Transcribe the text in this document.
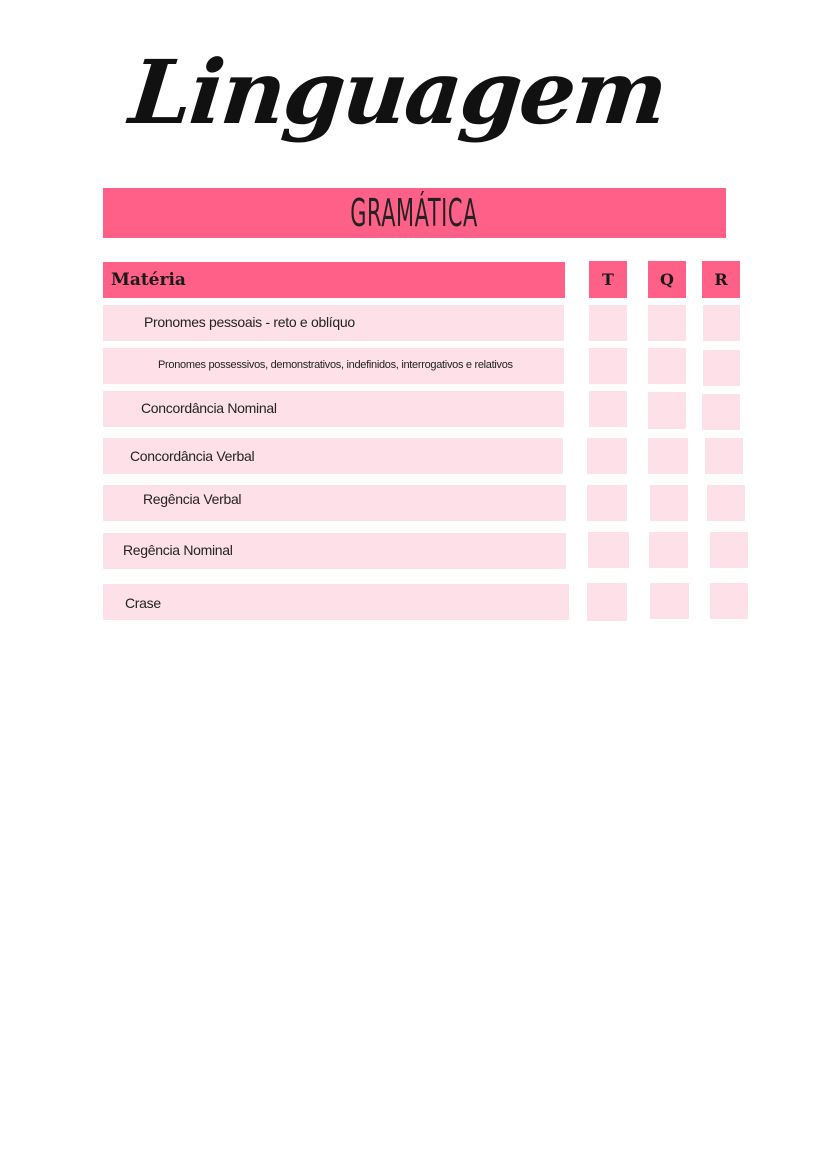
Linguagem
GRAMÁTICA
Matéria	T	Q	R
Pronomes pessoais - reto e oblíquo
Pronomes possessivos, demonstrativos, indefinidos, interrogativos e relativos
Concordância Nominal
Concordância Verbal
Regência Verbal
Regência Nominal
Crase
